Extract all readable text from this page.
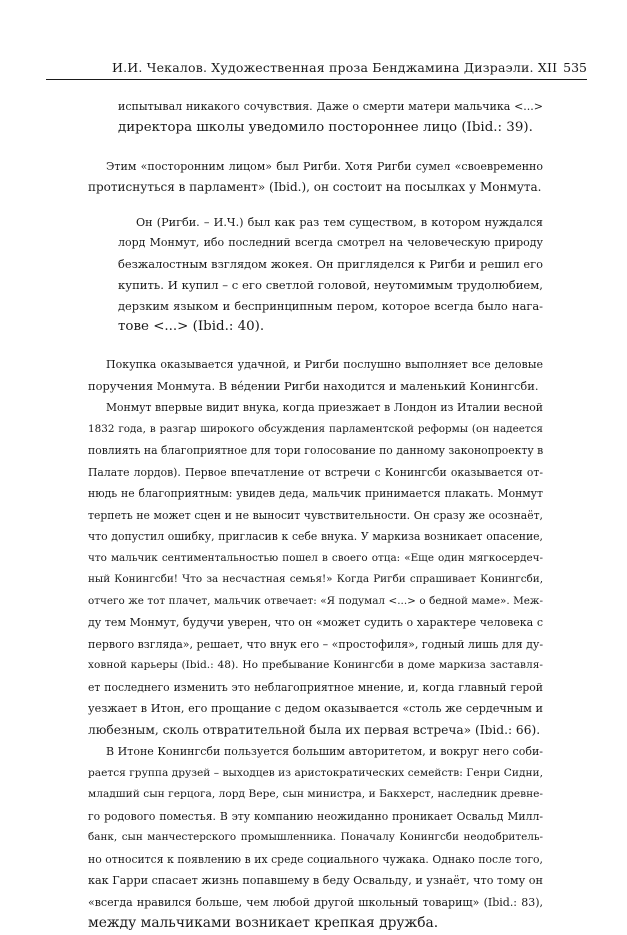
И.И. Чекалов. Художественная проза Бенджамина Дизраэли. XII 535
испытывал никакого сочувствия. Даже о смерти матери мальчика <...>
директора школы уведомило постороннее лицо (Ibid.: 39).
Этим «посторонним лицом» был Ригби. Хотя Ригби сумел «своевременно
протиснуться в парламент» (Ibid.), он состоит на посылках у Монмута.
Он (Ригби. – И.Ч.) был как раз тем существом, в котором нуждался
лорд Монмут, ибо последний всегда смотрел на человеческую природу
безжалостным взглядом жокея. Он пригляделся к Ригби и решил его
купить. И купил – с его светлой головой, неутомимым трудолюбием,
дерзким языком и беспринципным пером, которое всегда было нага-
тове <...> (Ibid.: 40).
Покупка оказывается удачной, и Ригби послушно выполняет все деловые
поручения Монмута. В вéдении Ригби находится и маленький Конингсби.
Монмут впервые видит внука, когда приезжает в Лондон из Италии весной
1832 года, в разгар широкого обсуждения парламентской реформы (он надеется
повлиять на благоприятное для тори голосование по данному законопроекту в
Палате лордов). Первое впечатление от встречи с Конингсби оказывается от-
нюдь не благоприятным: увидев деда, мальчик принимается плакать. Монмут
терпеть не может сцен и не выносит чувствительности. Он сразу же осознаёт,
что допустил ошибку, пригласив к себе внука. У маркиза возникает опасение,
что мальчик сентиментальностью пошел в своего отца: «Еще один мягкосердеч-
ный Конингсби! Что за несчастная семья!» Когда Ригби спрашивает Конингсби,
отчего же тот плачет, мальчик отвечает: «Я подумал <...> о бедной маме». Меж-
ду тем Монмут, будучи уверен, что он «может судить о характере человека с
первого взгляда», решает, что внук его – «простофиля», годный лишь для ду-
ховной карьеры (Ibid.: 48). Но пребывание Конингсби в доме маркиза заставля-
ет последнего изменить это неблагоприятное мнение, и, когда главный герой
уезжает в Итон, его прощание с дедом оказывается «столь же сердечным и
любезным, сколь отвратительной была их первая встреча» (Ibid.: 66).
В Итоне Конингсби пользуется большим авторитетом, и вокруг него соби-
рается группа друзей – выходцев из аристократических семейств: Генри Сидни,
младший сын герцога, лорд Вере, сын министра, и Бакхерст, наследник древне-
го родового поместья. В эту компанию неожиданно проникает Освальд Милл-
банк, сын манчестерского промышленника. Поначалу Конингсби неодобритель-
но относится к появлению в их среде социального чужака. Однако после того,
как Гарри спасает жизнь попавшему в беду Освальду, и узнаёт, что тому он
«всегда нравился больше, чем любой другой школьный товарищ» (Ibid.: 83),
между мальчиками возникает крепкая дружба.
